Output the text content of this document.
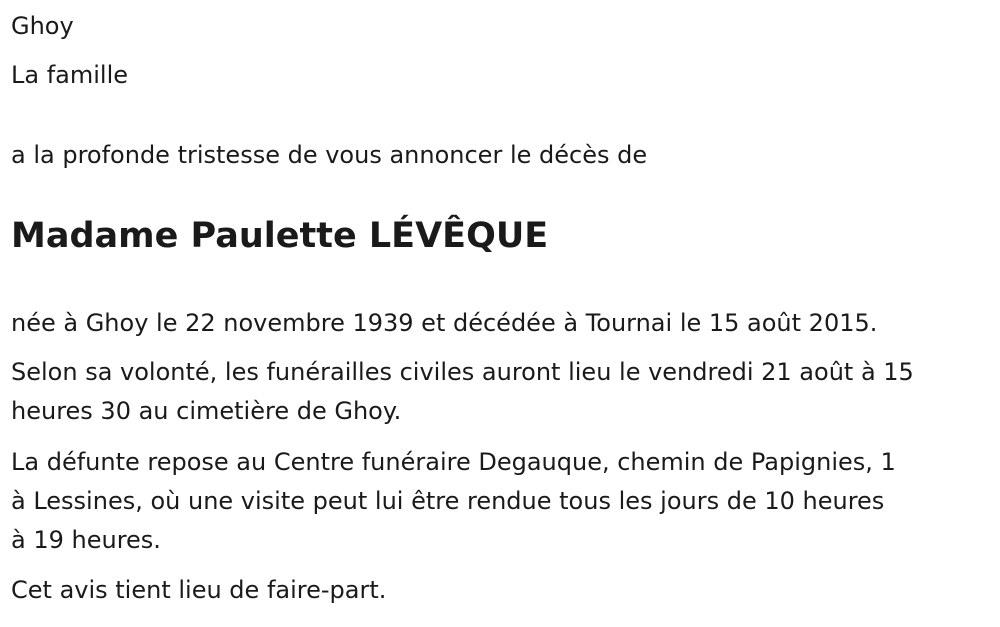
Ghoy

La famille

a la profonde tristesse de vous annoncer le décès de

Madame Paulette LÉVÊQUE

née à Ghoy le 22 novembre 1939 et décédée à Tournai le 15 août 2015.

Selon sa volonté, les funérailles civiles auront lieu le vendredi 21 août à 15
heures 30 au cimetière de Ghoy.
La défunte repose au Centre funéraire Degauque, chemin de Papignies, 1
à Lessines, où une visite peut lui être rendue tous les jours de 10 heures
à 19 heures.

Cet avis tient lieu de faire-part.
